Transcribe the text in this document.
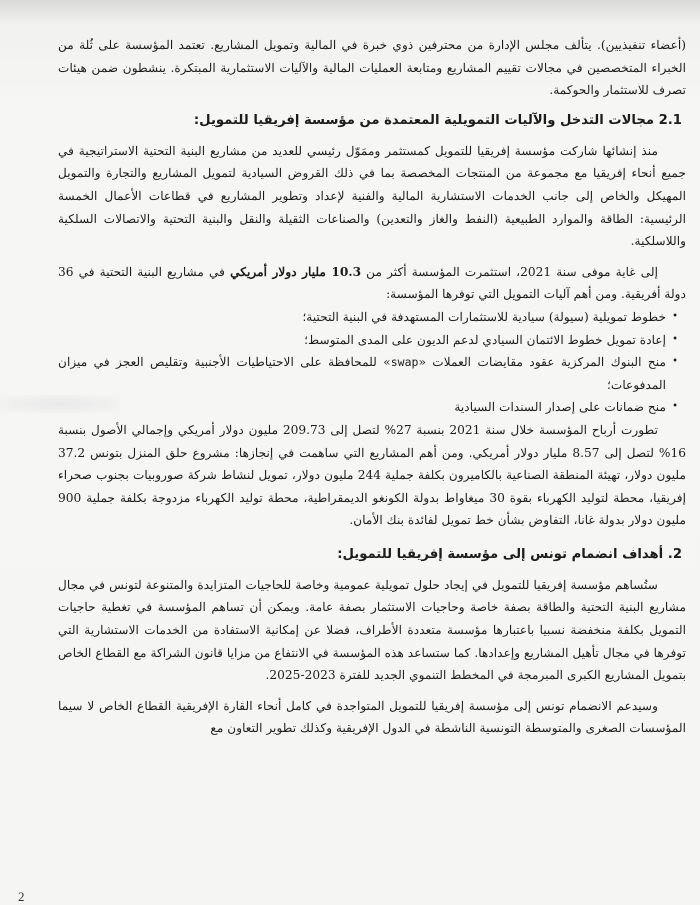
(أعضاء تنفيذيين). يتألف مجلس الإدارة من محترفين ذوي خبرة في المالية وتمويل المشاريع. تعتمد المؤسسة على ثُلة من الخبراء المتخصصين في مجالات تقييم المشاريع ومتابعة العمليات المالية والآليات الاستثمارية المبتكرة. ينشطون ضمن هيئات تصرف للاستثمار والحوكمة.

2.1 مجالات التدخل والآليات التمويلية المعتمدة من مؤسسة إفريقيا للتمويل:

منذ إنشائها شاركت مؤسسة إفريقيا للتمويل كمستثمر وممَوّل رئيسي للعديد من مشاريع البنية التحتية الاستراتيجية في جميع أنحاء إفريقيا مع مجموعة من المنتجات المخصصة بما في ذلك القروض السيادية لتمويل المشاريع والتجارة والتمويل المهيكل والخاص إلى جانب الخدمات الاستشارية المالية والفنية لإعداد وتطوير المشاريع في قطاعات الأعمال الخمسة الرئيسية: الطاقة والموارد الطبيعية (النفط والغاز والتعدين) والصناعات الثقيلة والنقل والبنية التحتية والاتصالات السلكية واللاسلكية.

إلى غاية موفى سنة 2021، استثمرت المؤسسة أكثر من 10.3 مليار دولار أمريكي في مشاريع البنية التحتية في 36 دولة أفريقية. ومن أهم آليات التمويل التي توفرها المؤسسة:

•
خطوط تمويلية (سيولة) سيادية للاستثمارات المستهدفة في البنية التحتية؛
•
إعادة تمويل خطوط الائتمان السيادي لدعم الديون على المدى المتوسط؛
•
منح البنوك المركزية عقود مقايضات العملات «swap» للمحافظة على الاحتياطيات الأجنبية وتقليص العجز في ميزان المدفوعات؛
•
منح ضمانات على إصدار السندات السيادية

تطورت أرباح المؤسسة خلال سنة 2021 بنسبة 27% لتصل إلى 209.73 مليون دولار أمريكي وإجمالي الأصول بنسبة 16% لتصل إلى 8.57 مليار دولار أمريكي. ومن أهم المشاريع التي ساهمت في إنجازها: مشروع حلق المنزل بتونس 37.2 مليون دولار، تهيئة المنطقة الصناعية بالكاميرون بكلفة جملية 244 مليون دولار، تمويل لنشاط شركة صوروبيات بجنوب صحراء إفريقيا، محطة لتوليد الكهرباء بقوة 30 ميغاواط بدولة الكونغو الديمقراطية، محطة توليد الكهرباء مزدوجة بكلفة جملية 900 مليون دولار بدولة غانا، التفاوض بشأن خط تمويل لفائدة بنك الأمان.

2. أهداف انضمام تونس إلى مؤسسة إفريقيا للتمويل:

ستُساهم مؤسسة إفريقيا للتمويل في إيجاد حلول تمويلية عمومية وخاصة للحاجيات المتزايدة والمتنوعة لتونس في مجال مشاريع البنية التحتية والطاقة بصفة خاصة وحاجيات الاستثمار بصفة عامة. ويمكن أن تساهم المؤسسة في تغطية حاجيات التمويل بكلفة منخفضة نسبيا باعتبارها مؤسسة متعددة الأطراف، فضلا عن إمكانية الاستفادة من الخدمات الاستشارية التي توفرها في مجال تأهيل المشاريع وإعدادها. كما ستساعد هذه المؤسسة في الانتفاع من مزايا قانون الشراكة مع القطاع الخاص بتمويل المشاريع الكبرى المبرمجة في المخطط التنموي الجديد للفترة 2023-2025.

وسيدعم الانضمام تونس إلى مؤسسة إفريقيا للتمويل المتواجدة في كامل أنحاء القارة الإفريقية القطاع الخاص لا سيما المؤسسات الصغرى والمتوسطة التونسية الناشطة في الدول الإفريقية وكذلك تطوير التعاون مع

2
